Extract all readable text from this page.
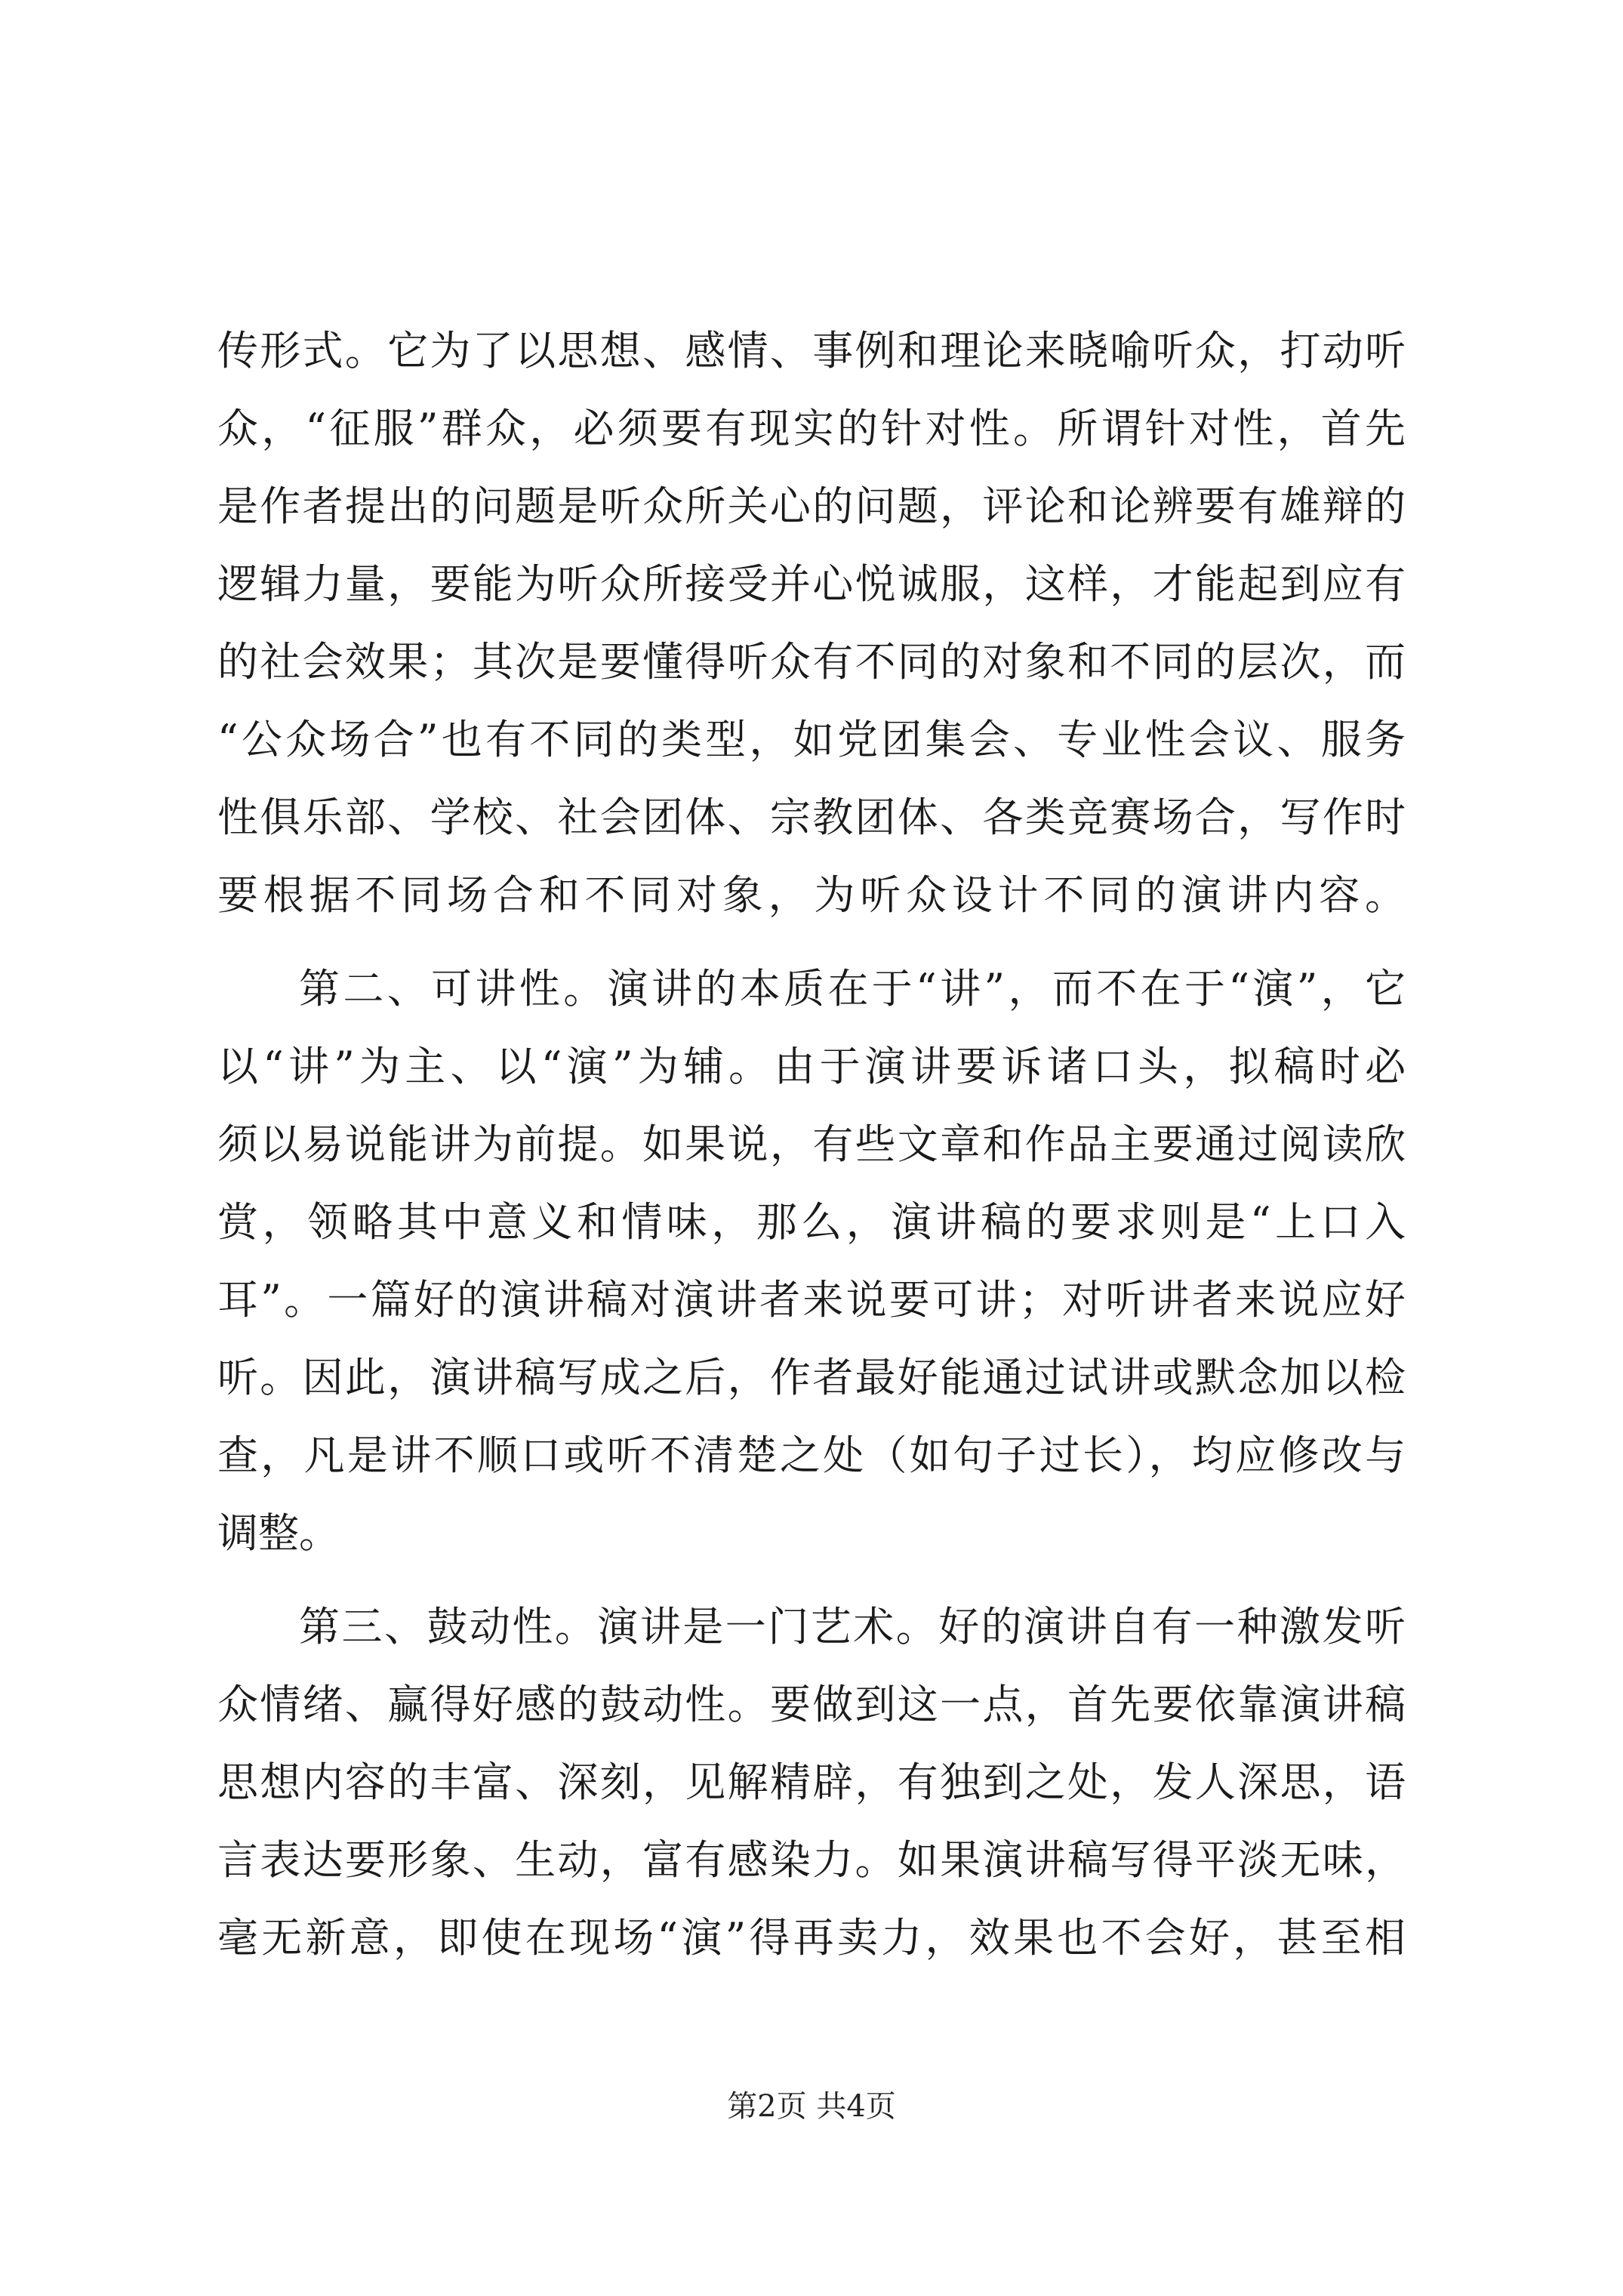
传形式。它为了以思想、感情、事例和理论来晓喻听众，打动听
众，“征服”群众，必须要有现实的针对性。所谓针对性，首先
是作者提出的问题是听众所关心的问题，评论和论辨要有雄辩的
逻辑力量，要能为听众所接受并心悦诚服，这样，才能起到应有
的社会效果；其次是要懂得听众有不同的对象和不同的层次，而
“公众场合”也有不同的类型，如党团集会、专业性会议、服务
性俱乐部、学校、社会团体、宗教团体、各类竞赛场合，写作时
要根据不同场合和不同对象，为听众设计不同的演讲内容。
第二、可讲性。演讲的本质在于“讲”，而不在于“演”，它
以“讲”为主、以“演”为辅。由于演讲要诉诸口头，拟稿时必
须以易说能讲为前提。如果说，有些文章和作品主要通过阅读欣
赏，领略其中意义和情味，那么，演讲稿的要求则是“上口入
耳”。一篇好的演讲稿对演讲者来说要可讲；对听讲者来说应好
听。因此，演讲稿写成之后，作者最好能通过试讲或默念加以检
查，凡是讲不顺口或听不清楚之处（如句子过长），均应修改与
调整。
第三、鼓动性。演讲是一门艺术。好的演讲自有一种激发听
众情绪、赢得好感的鼓动性。要做到这一点，首先要依靠演讲稿
思想内容的丰富、深刻，见解精辟，有独到之处，发人深思，语
言表达要形象、生动，富有感染力。如果演讲稿写得平淡无味，
毫无新意，即使在现场“演”得再卖力，效果也不会好，甚至相
第2页 共4页
